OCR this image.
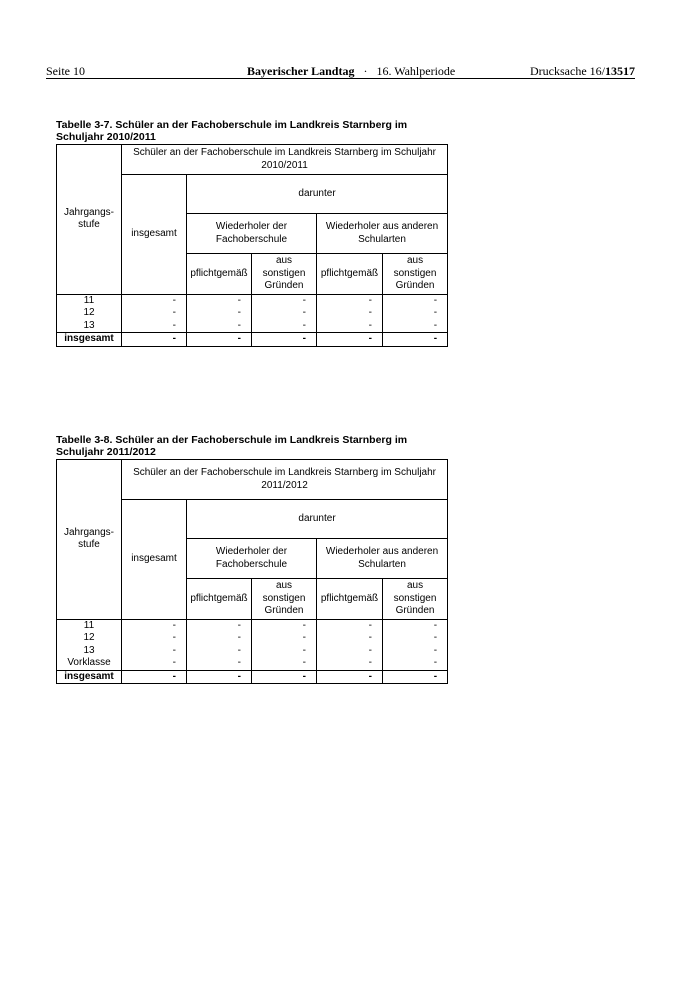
Seite 10	Bayerischer Landtag · 16. Wahlperiode	Drucksache 16/13517
Tabelle 3-7. Schüler an der Fachoberschule im Landkreis Starnberg im Schuljahr 2010/2011
Jahrgangs-stufe	Schüler an der Fachoberschule im Landkreis Starnberg im Schuljahr 2010/2011				
	insgesamt	darunter			
		Wiederholer der Fachoberschule		Wiederholer aus anderen Schularten	
		pflichtgemäß	aus sonstigen Gründen	pflichtgemäß	aus sonstigen Gründen
11	-	-	-	-	-
12	-	-	-	-	-
13	-	-	-	-	-
insgesamt	-	-	-	-	-
Tabelle 3-8. Schüler an der Fachoberschule im Landkreis Starnberg im Schuljahr 2011/2012
Jahrgangs-stufe	Schüler an der Fachoberschule im Landkreis Starnberg im Schuljahr 2011/2012				
	insgesamt	darunter			
		Wiederholer der Fachoberschule		Wiederholer aus anderen Schularten	
		pflichtgemäß	aus sonstigen Gründen	pflichtgemäß	aus sonstigen Gründen
11	-	-	-	-	-
12	-	-	-	-	-
13	-	-	-	-	-
Vorklasse	-	-	-	-	-
insgesamt	-	-	-	-	-
